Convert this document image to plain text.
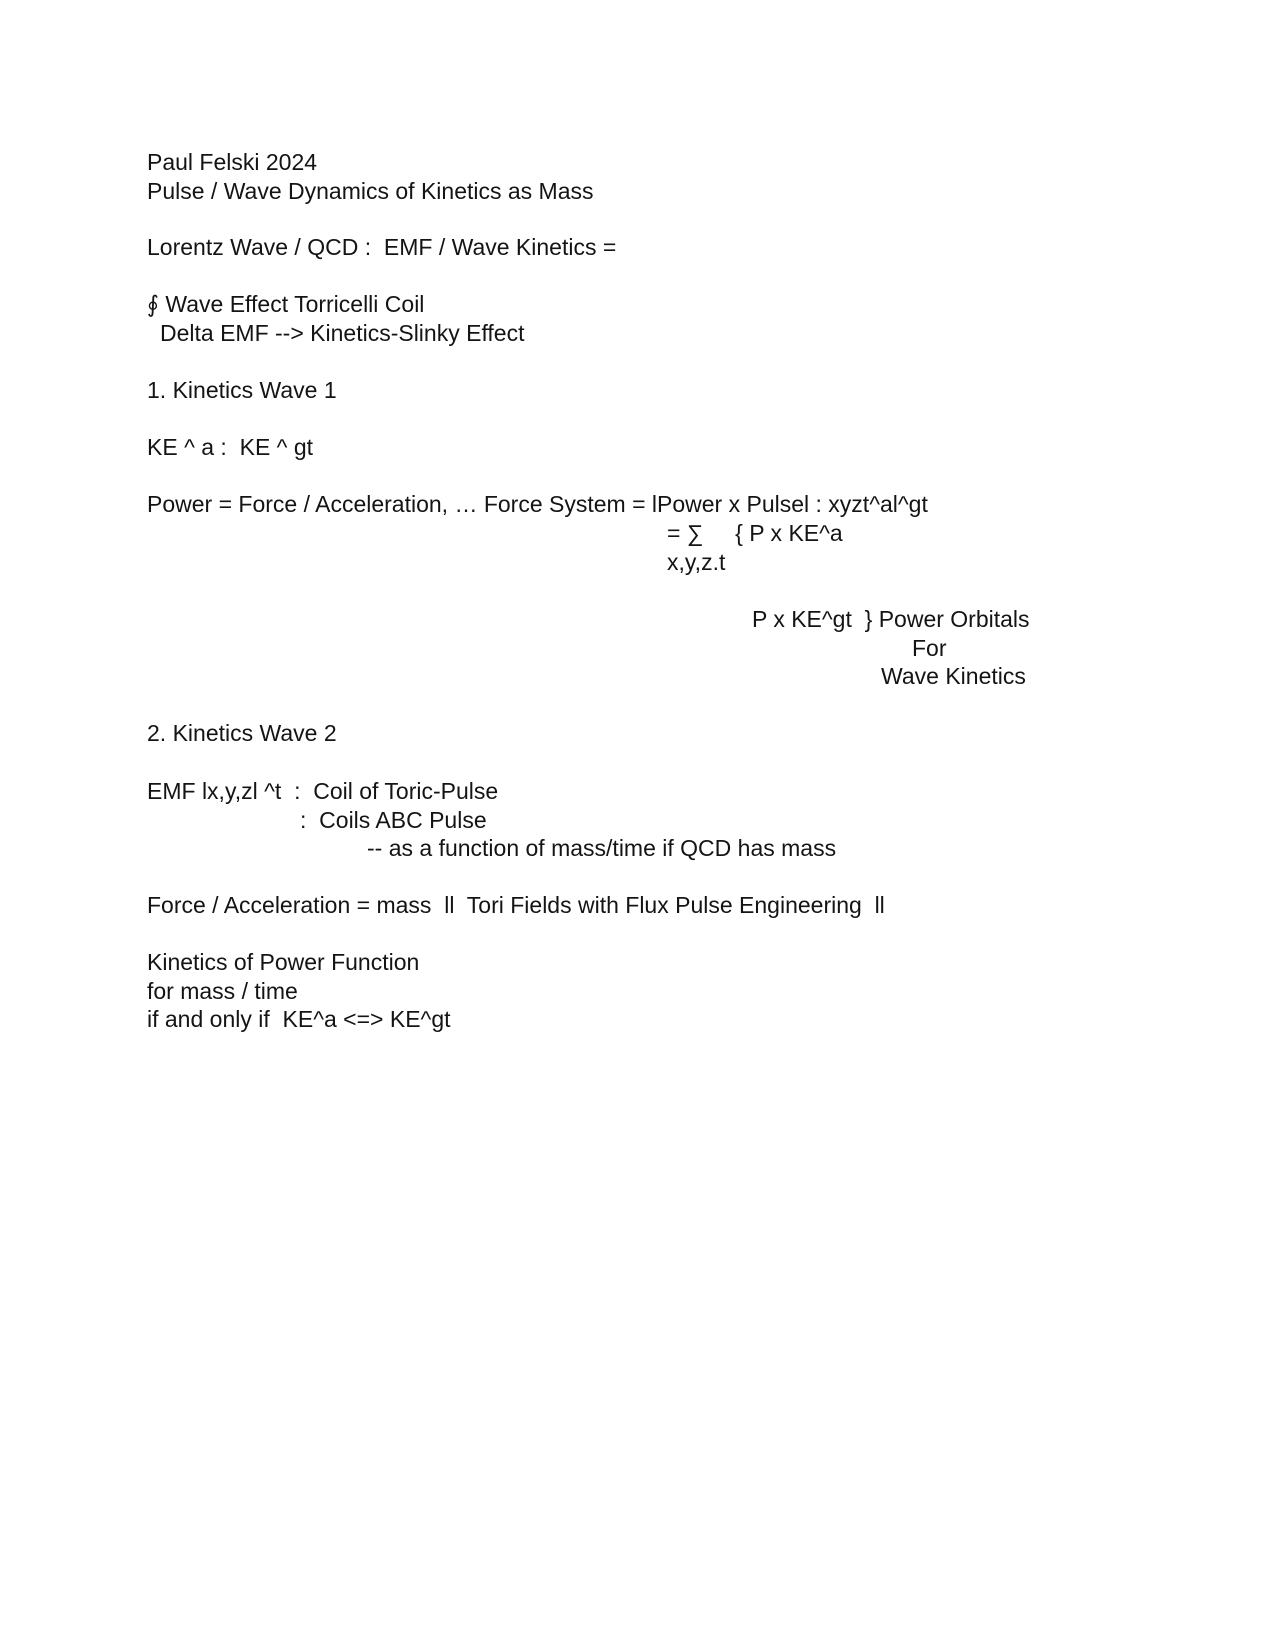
Paul Felski 2024
Pulse / Wave Dynamics of Kinetics as Mass
Lorentz Wave / QCD :  EMF / Wave Kinetics =
∮ Wave Effect Torricelli Coil
Delta EMF --> Kinetics-Slinky Effect
1. Kinetics Wave 1
KE ^ a :  KE ^ gt
Power = Force / Acceleration, … Force System = lPower x Pulsel : xyzt^al^gt
= ∑     { P x KE^a
x,y,z.t
P x KE^gt  } Power Orbitals
For
Wave Kinetics
2. Kinetics Wave 2
EMF lx,y,zl ^t  :  Coil of Toric-Pulse
:  Coils ABC Pulse
-- as a function of mass/time if QCD has mass
Force / Acceleration = mass  ll  Tori Fields with Flux Pulse Engineering  ll
Kinetics of Power Function
for mass / time
if and only if  KE^a <=> KE^gt
